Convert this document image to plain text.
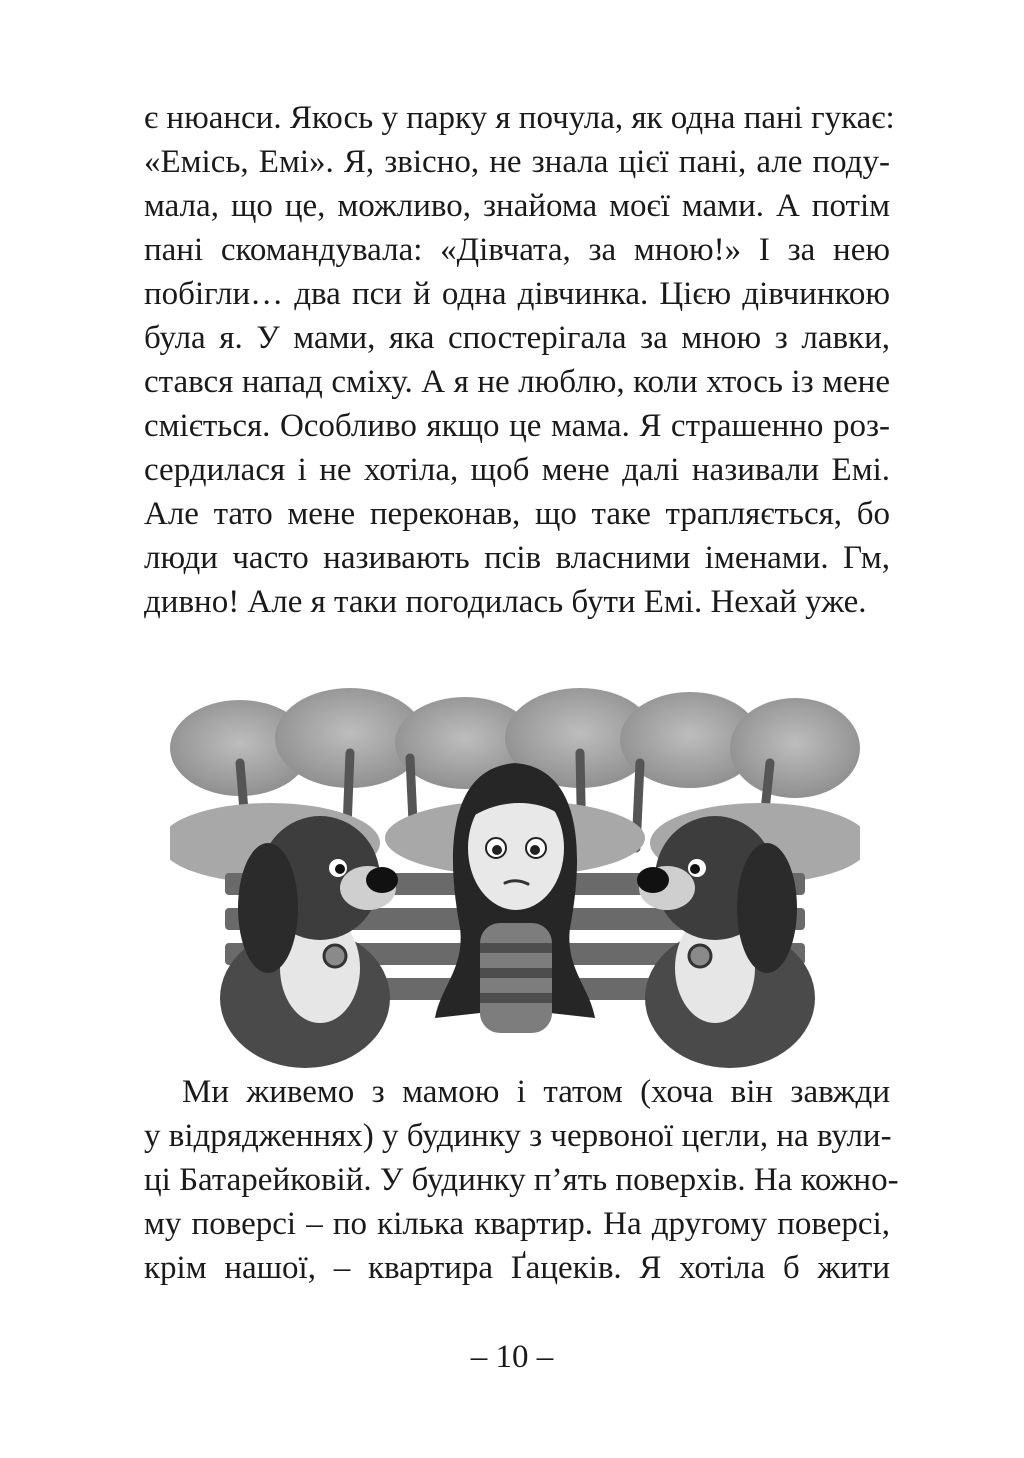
є нюанси. Якось у парку я почула, як одна пані гукає:
«Емісь, Емі». Я, звісно, не знала цієї пані, але поду-
мала, що це, можливо, знайома моєї мами. А потім
пані скомандувала: «Дівчата, за мною!» І за нею
побігли… два пси й одна дівчинка. Цією дівчинкою
була я. У мами, яка спостерігала за мною з лавки,
стався напад сміху. А я не люблю, коли хтось із мене
сміється. Особливо якщо це мама. Я страшенно роз-
сердилася і не хотіла, щоб мене далі називали Емі.
Але тато мене переконав, що таке трапляється, бо
люди часто називають псів власними іменами. Гм,
дивно! Але я таки погодилась бути Емі. Нехай уже.
Ми живемо з мамою і татом (хоча він завжди
у відрядженнях) у будинку з червоної цегли, на вули-
ці Батарейковій. У будинку п’ять поверхів. На кожно-
му поверсі – по кілька квартир. На другому поверсі,
крім нашої, – квартира Ґацеків. Я хотіла б жити
– 10 –
